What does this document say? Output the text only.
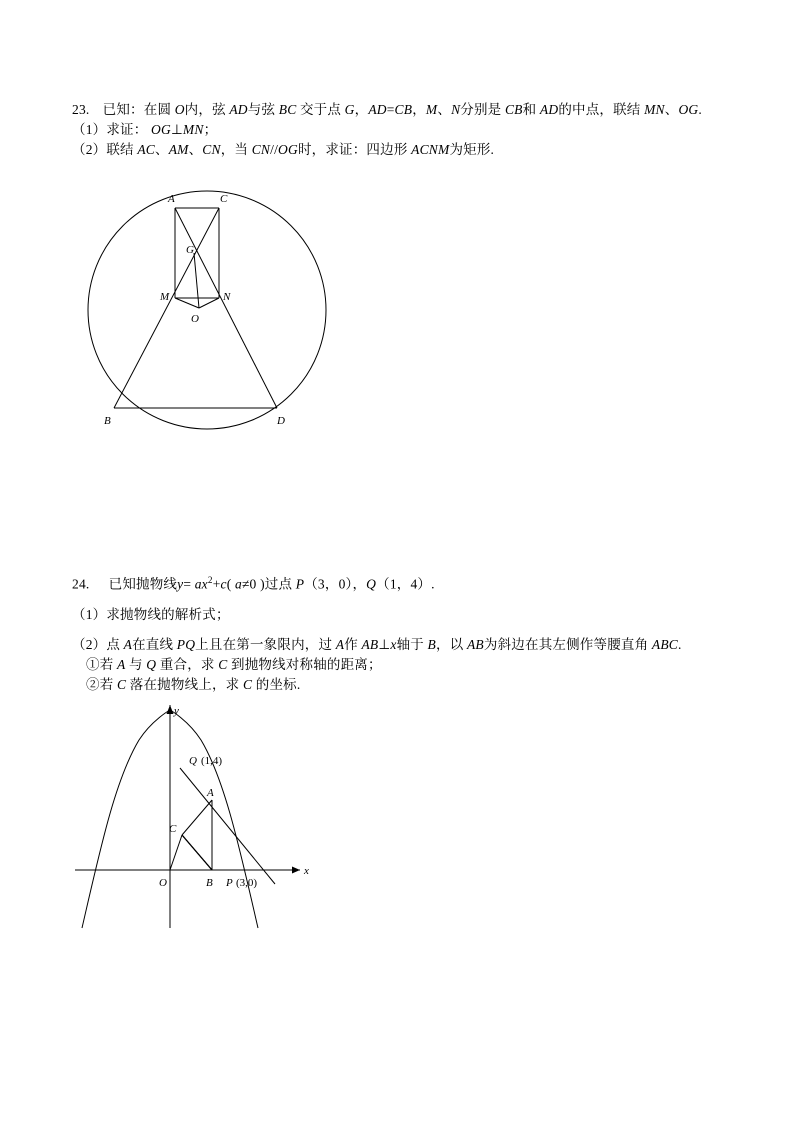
23. 已知：在圆 O内，弦 AD与弦 BC 交于点 G，AD=CB，M、N分别是 CB和 AD的中点，联结 MN、OG.
（1）求证： OG⊥MN；
（2）联结 AC、AM、CN，当 CN//OG时，求证：四边形 ACNM为矩形.
A	C
G
M	N
O
B	D
24.  已知抛物线$y= ax^2+c$( a≠0 )过点 P（3，0），Q（1，4）.
（1）求抛物线的解析式；
（2）点 A在直线 PQ上且在第一象限内，过 A作 AB⊥x轴于 B，以 AB为斜边在其左侧作等腰直角 ABC.
①若 A 与 Q 重合，求 C 到抛物线对称轴的距离；
②若 C 落在抛物线上，求 C 的坐标.
y
x
O
A
B
C
Q (1,4)
P (3,0)
